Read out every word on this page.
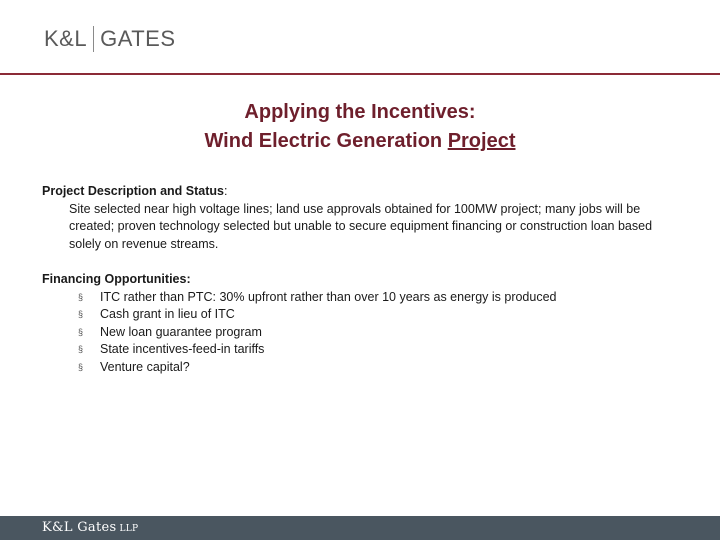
K&L GATES
Applying the Incentives:
Wind Electric Generation Project
Project Description and Status:
Site selected near high voltage lines; land use approvals obtained for 100MW project; many jobs will be created; proven technology selected but unable to secure equipment financing or construction loan based solely on revenue streams.
Financing Opportunities:
§ ITC rather than PTC: 30% upfront rather than over 10 years as energy is produced
§ Cash grant in lieu of ITC
§ New loan guarantee program
§ State incentives-feed-in tariffs
§ Venture capital?
K&L Gates LLP
